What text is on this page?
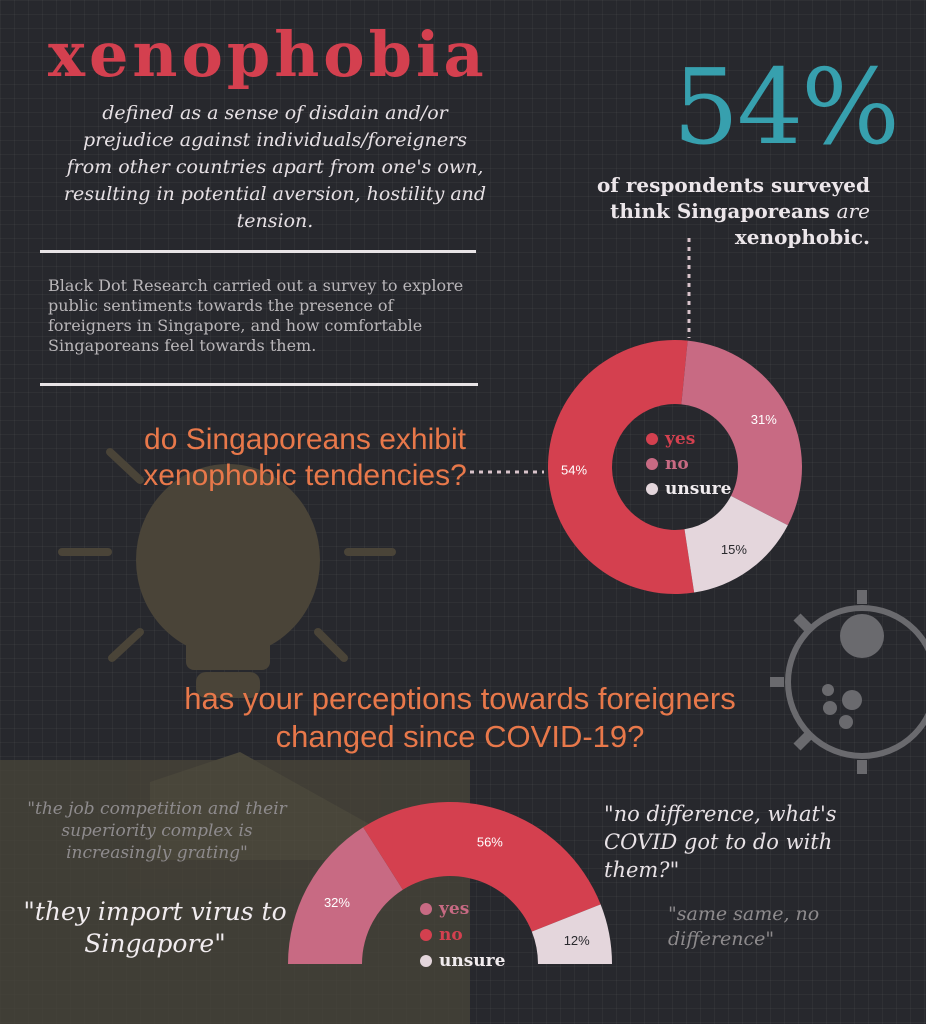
xenophobia
defined as a sense of disdain and/or prejudice against individuals/foreigners from other countries apart from one's own, resulting in potential aversion, hostility and tension.
Black Dot Research carried out a survey to explore public sentiments towards the presence of foreigners in Singapore, and how comfortable Singaporeans feel towards them.
54%
of respondents surveyed
think Singaporeans are
xenophobic.
do Singaporeans exhibit xenophobic tendencies?
has your perceptions towards foreigners changed since COVID-19?
54%
31%
15%
yes
no
unsure
32%
56%
12%
yes
no
unsure
"the job competition and their superiority complex is increasingly grating"
"they import virus to Singapore"
"no difference, what's COVID got to do with them?"
"same same, no difference"
